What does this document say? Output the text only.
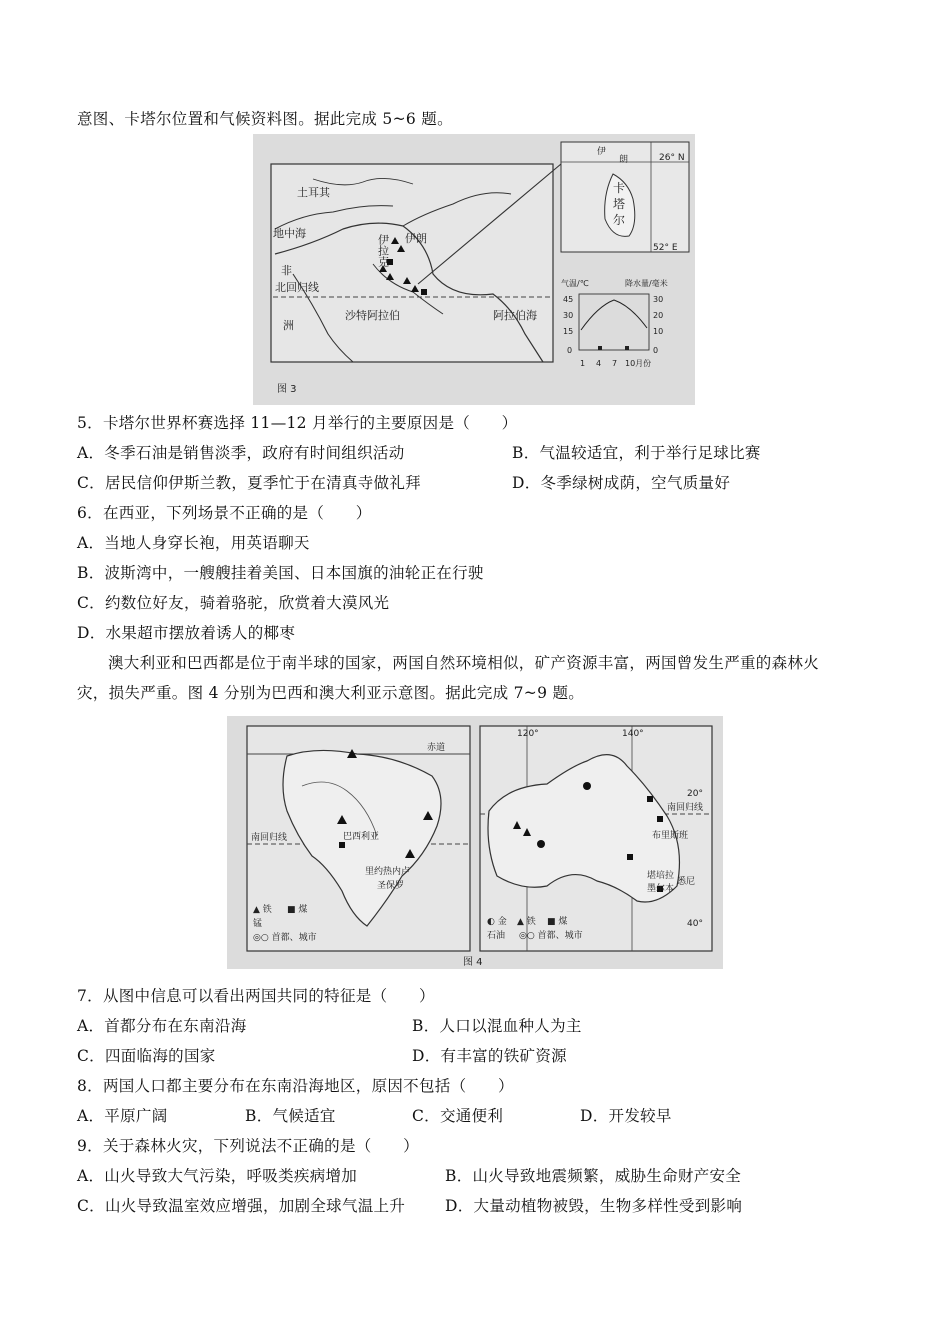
意图、卡塔尔位置和气候资料图。据此完成 5~6 题。
土耳其
地中海
伊拉克 伊朗
非
北回归线
洲
沙特阿拉伯	阿拉伯海
伊
朗	26° N
52° E
卡
塔
尔
气温/℃	降水量/毫米
45
30
15
0
30
20
10
0
1 4 7 10月份
图 3
5．卡塔尔世界杯赛选择 11—12 月举行的主要原因是（　　）
A．冬季石油是销售淡季，政府有时间组织活动	B．气温较适宜，利于举行足球比赛
C．居民信仰伊斯兰教，夏季忙于在清真寺做礼拜	D．冬季绿树成荫，空气质量好
6．在西亚，下列场景不正确的是（　　）
A．当地人身穿长袍，用英语聊天
B．波斯湾中，一艘艘挂着美国、日本国旗的油轮正在行驶
C．约数位好友，骑着骆驼，欣赏着大漠风光
D．水果超市摆放着诱人的椰枣
澳大利亚和巴西都是位于南半球的国家，两国自然环境相似，矿产资源丰富，两国曾发生严重的森林火
灾，损失严重。图 4 分别为巴西和澳大利亚示意图。据此完成 7~9 题。
赤道
巴西利亚
里约热内卢
圣保罗
南回归线
▲ 铁 ■ 煤
锰
◎○ 首都、城市
120°	140°
南回归线
布里斯班
悉尼
堪培拉
墨尔本
40°
20°
◐ 金 ▲ 铁 ■ 煤
石油 ◎○ 首都、城市
图 4
7．从图中信息可以看出两国共同的特征是（　　）
A．首都分布在东南沿海	B．人口以混血种人为主
C．四面临海的国家	D．有丰富的铁矿资源
8．两国人口都主要分布在东南沿海地区，原因不包括（　　）
A．平原广阔	B．气候适宜	C．交通便利	D．开发较早
9．关于森林火灾，下列说法不正确的是（　　）
A．山火导致大气污染，呼吸类疾病增加	B．山火导致地震频繁，威胁生命财产安全
C．山火导致温室效应增强，加剧全球气温上升	D．大量动植物被毁，生物多样性受到影响
